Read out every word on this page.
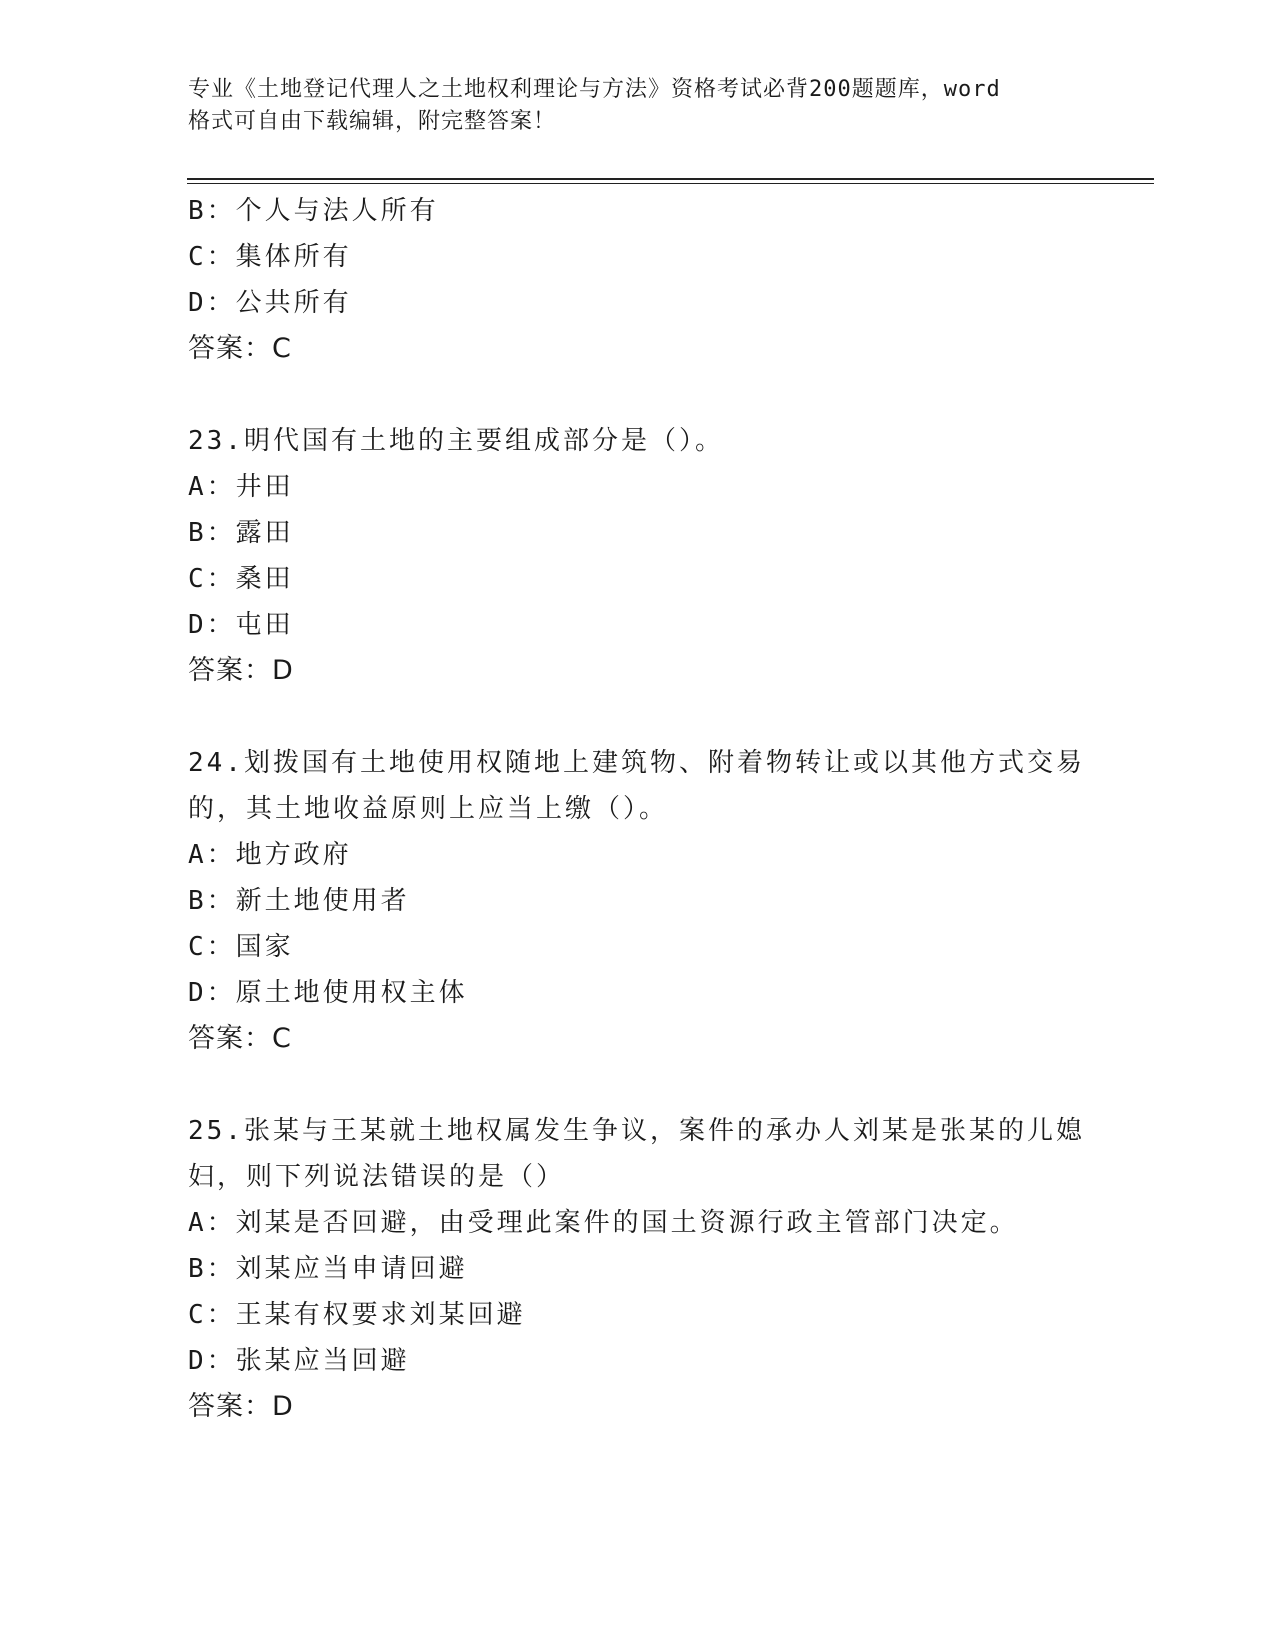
专业《土地登记代理人之土地权利理论与方法》资格考试必背200题题库，word
格式可自由下载编辑，附完整答案！
B：个人与法人所有
C：集体所有
D：公共所有
答案：C
23.明代国有土地的主要组成部分是（）。
A：井田
B：露田
C：桑田
D：屯田
答案：D
24.划拨国有土地使用权随地上建筑物、附着物转让或以其他方式交易
的，其土地收益原则上应当上缴（）。
A：地方政府
B：新土地使用者
C：国家
D：原土地使用权主体
答案：C
25.张某与王某就土地权属发生争议，案件的承办人刘某是张某的儿媳
妇，则下列说法错误的是（）
A：刘某是否回避，由受理此案件的国土资源行政主管部门决定。
B：刘某应当申请回避
C：王某有权要求刘某回避
D：张某应当回避
答案：D
